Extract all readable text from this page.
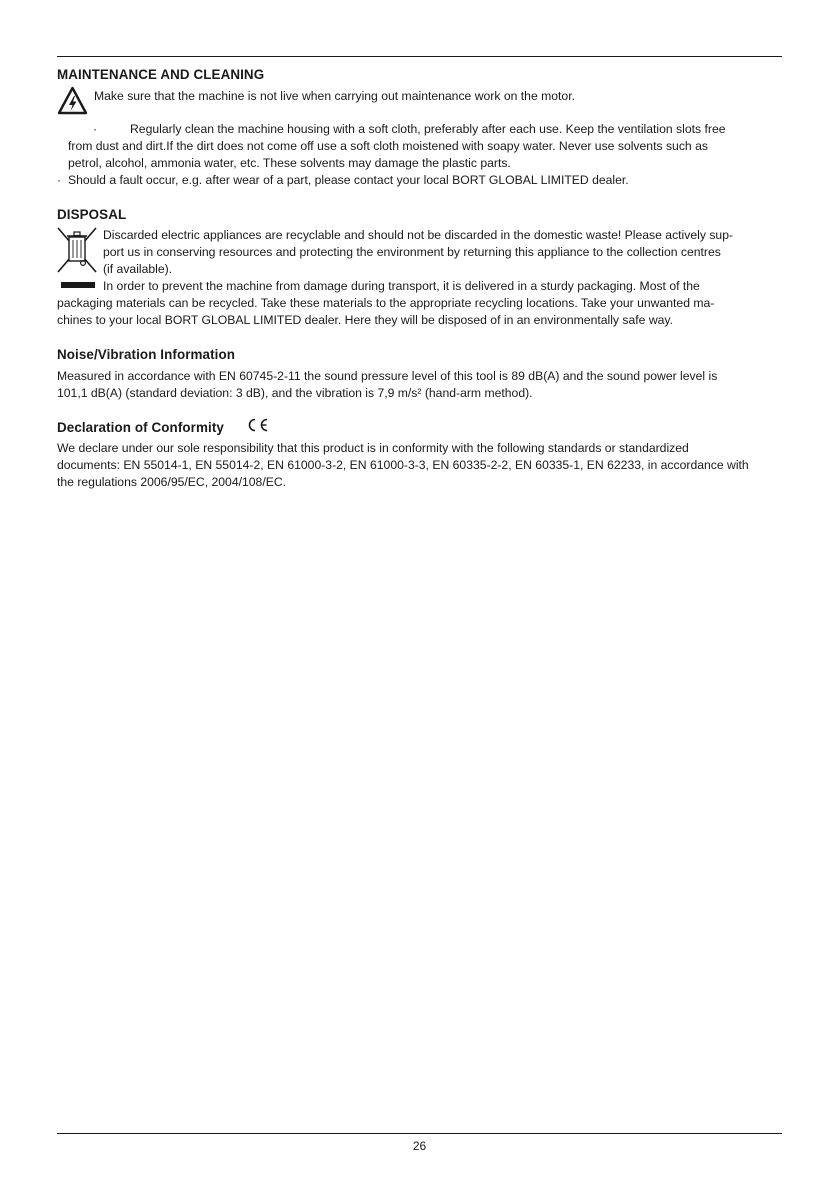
MAINTENANCE AND CLEANING
Make sure that the machine is not live when carrying out maintenance work on the motor.
·	Regularly clean the machine housing with a soft cloth, preferably after each use. Keep the ventilation slots free
from dust and dirt.If the dirt does not come off use a soft cloth moistened with soapy water. Never use solvents such as
petrol, alcohol, ammonia water, etc. These solvents may damage the plastic parts.
· Should a fault occur, e.g. after wear of a part, please contact your local BORT GLOBAL LIMITED dealer.
DISPOSAL
Discarded electric appliances are recyclable and should not be discarded in the domestic waste! Please actively sup-
port us in conserving resources and protecting the environment by returning this appliance to the collection centres
(if available).
In order to prevent the machine from damage during transport, it is delivered in a sturdy packaging. Most of the
packaging materials can be recycled. Take these materials to the appropriate recycling locations. Take your unwanted ma-
chines to your local BORT GLOBAL LIMITED dealer. Here they will be disposed of in an environmentally safe way.
Noise/Vibration Information
Measured in accordance with EN 60745-2-11 the sound pressure level of this tool is 89 dB(A) and the sound power level is
101,1 dB(A) (standard deviation: 3 dB), and the vibration is 7,9 m/s² (hand-arm method).
Declaration of Conformity
We declare under our sole responsibility that this product is in conformity with the following standards or standardized
documents: EN 55014-1, EN 55014-2, EN 61000-3-2, EN 61000-3-3, EN 60335-2-2, EN 60335-1, EN 62233, in accordance with
the regulations 2006/95/EC, 2004/108/EC.
26
